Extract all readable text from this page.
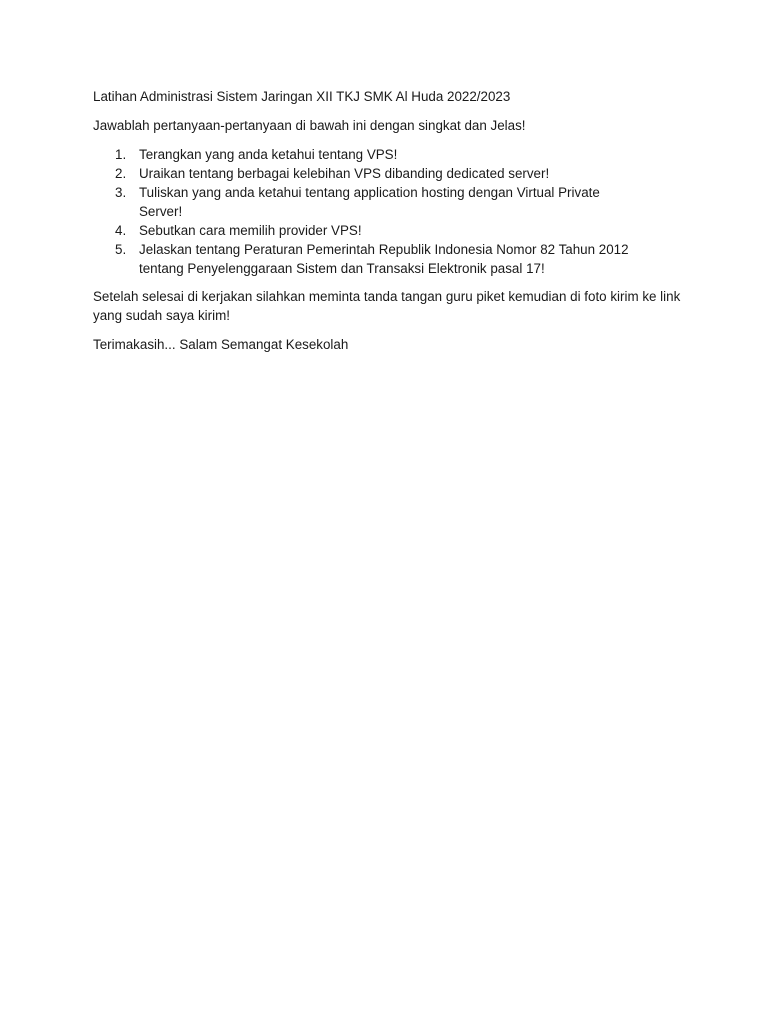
Latihan Administrasi Sistem Jaringan XII TKJ SMK Al Huda 2022/2023

Jawablah pertanyaan-pertanyaan di bawah ini dengan singkat dan Jelas!

1. Terangkan yang anda ketahui tentang VPS!
2. Uraikan tentang berbagai kelebihan VPS dibanding dedicated server!
3. Tuliskan yang anda ketahui tentang application hosting dengan Virtual Private Server!
4. Sebutkan cara memilih provider VPS!
5. Jelaskan tentang Peraturan Pemerintah Republik Indonesia Nomor 82 Tahun 2012 tentang Penyelenggaraan Sistem dan Transaksi Elektronik pasal 17!

Setelah selesai di kerjakan silahkan meminta tanda tangan guru piket kemudian di foto kirim ke link yang sudah saya kirim!

Terimakasih... Salam Semangat Kesekolah
